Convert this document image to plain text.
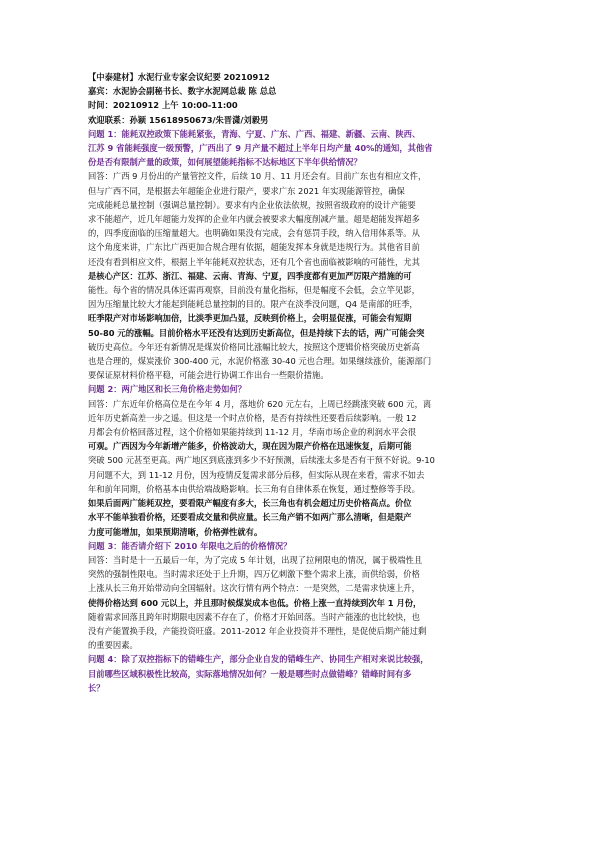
【中泰建材】水泥行业专家会议纪要 20210912
嘉宾：水泥协会副秘书长、数字水泥网总裁 陈 总总
时间：20210912 上午 10:00-11:00
欢迎联系：孙颖 15618950673/朱晋潇/刘毅男
问题 1：能耗双控政策下能耗紧张，青海、宁夏、广东、广西、福建、新疆、云南、陕西、
江苏 9 省能耗强度一级预警，广西出了 9 月产量不超过上半年日均产量 40%的通知，其他省
份是否有限制产量的政策，如何展望能耗指标不达标地区下半年供给情况？
回答：广西 9 月份出的产量管控文件，后续 10 月、11 月还会有。目前广东也有相应文件，
但与广西不同，是根据去年超能企业进行限产，要求广东 2021 年实现能源管控，确保
完成能耗总量控制（强调总量控制）。要求有内企业依法依规，按照省级政府的设计产能要
求不能超产，近几年超能力发挥的企业年内就会被要求大幅度削减产量。超是超能发挥超多
的，四季度面临的压缩量超大。也明确如果没有完成，会有惩罚手段，纳入信用体系等。从
这个角度来讲，广东比广西更加合规合理有依据，超能发挥本身就是违规行为。其他省目前
还没有看到相应文件，根据上半年能耗双控状态，还有几个省也面临被影响的可能性，尤其
是核心产区：江苏、浙江、福建、云南、青海、宁夏，四季度都有更加严厉限产措施的可
能性。每个省的情况具体还需再观察，目前没有量化指标，但是幅度不会低，会立竿见影，
因为压缩量比较大才能起到能耗总量控制的目的。限产在淡季没问题，Q4 是南部的旺季，
旺季限产对市场影响加倍，比淡季更加凸显，反映到价格上，会明显促涨，可能会有短期
50-80 元的涨幅。目前价格水平还没有达到历史新高位，但是持续下去的话，两广可能会突
破历史高位。今年还有新情况是煤炭价格同比涨幅比较大，按照这个逻辑价格突破历史新高
也是合理的，煤炭涨价 300-400 元，水泥价格涨 30-40 元也合理。如果继续涨价，能源部门
要保证原材料价格平稳，可能会进行协调工作出台一些限价措施。
问题 2：两广地区和长三角价格走势如何？
回答：广东近年价格高位是在今年 4 月，落地价 620 元左右，上周已经跳涨突破 600 元，离
近年历史新高差一步之遥。但这是一个时点价格，是否有持续性还要看后续影响。一般 12
月都会有价格回落过程，这个价格如果能持续到 11-12 月，华南市场企业的利润水平会很
可观。广西因为今年新增产能多，价格波动大，现在因为限产价格在迅速恢复，后期可能
突破 500 元甚至更高。两广地区到底涨到多少不好预测，后续涨太多是否有干预不好说。9-10
月问题不大，到 11-12 月份，因为疫情反复需求部分后移，但实际从现在来看，需求不如去
年和前年同期，价格基本由供给端战略影响。长三角有自律体系在恢复，通过整修等手段。
如果后面两广能耗双控，要看限产幅度有多大，长三角也有机会超过历史价格高点。价位
水平不能单独看价格，还要看成交量和供应量。长三角产销不如两广那么清晰，但是限产
力度可能增加，如果预期清晰，价格弹性就有。
问题 3：能否请介绍下 2010 年限电之后的价格情况？
回答：当时是十一五最后一年，为了完成 5 年计划，出现了拉闸限电的情况，属于极端性且
突然的强制性限电。当时需求还处于上升期，四万亿刺激下整个需求上涨，而供给弱，价格
上涨从长三角开始带动向全国辐射。这次行情有两个特点：一是突然，二是需求快速上升，
使得价格达到 600 元以上，并且那时候煤炭成本也低。价格上涨一直持续到次年 1 月份，
随着需求回落且跨年时期限电因素不存在了，价格才开始回落。当时产能涨的也比较快，也
没有产能置换手段，产能投资旺盛。2011-2012 年企业投资并不理性，是促使后期产能过剩
的重要因素。
问题 4：除了双控指标下的错峰生产，部分企业自发的错峰生产、协同生产相对来说比较强，
目前哪些区域积极性比较高，实际落地情况如何？一般是哪些时点做错峰？错峰时间有多
长？
